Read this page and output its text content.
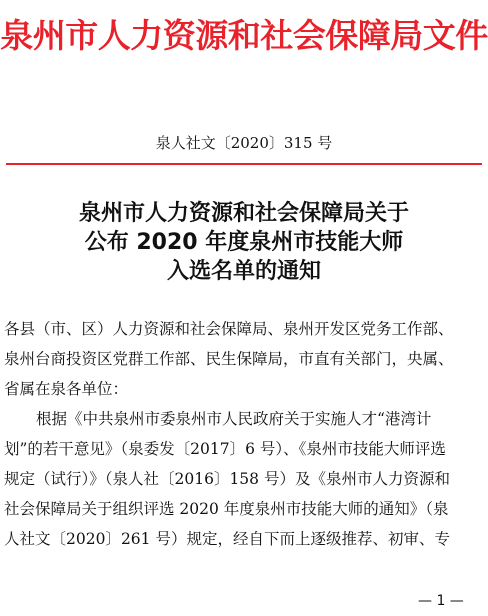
泉州市人力资源和社会保障局文件
泉人社文〔2020〕315 号
泉州市人力资源和社会保障局关于
公布 2020 年度泉州市技能大师
入选名单的通知
各县（市、区）人力资源和社会保障局、泉州开发区党务工作部、
泉州台商投资区党群工作部、民生保障局，市直有关部门，央属、
省属在泉各单位：
根据《中共泉州市委泉州市人民政府关于实施人才“港湾计
划”的若干意见》（泉委发〔2017〕6 号）、《泉州市技能大师评选
规定（试行）》（泉人社〔2016〕158 号）及《泉州市人力资源和
社会保障局关于组织评选 2020 年度泉州市技能大师的通知》（泉
人社文〔2020〕261 号）规定，经自下而上逐级推荐、初审、专
— 1 —
